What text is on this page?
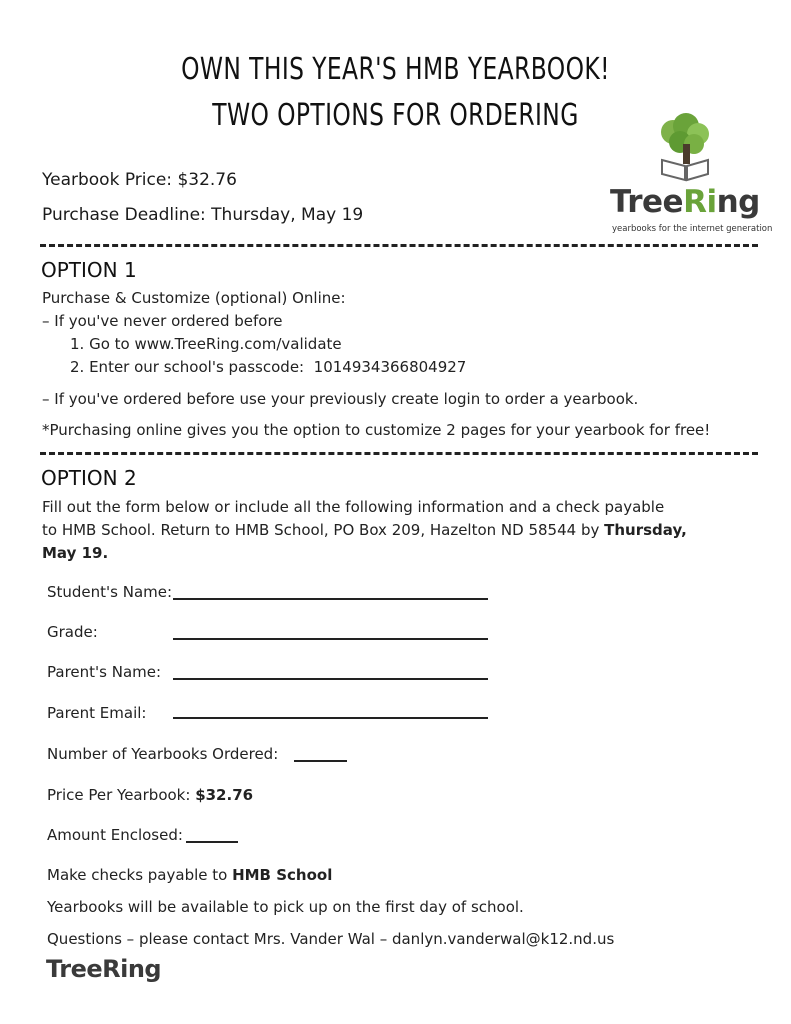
OWN THIS YEAR'S HMB YEARBOOK!
TWO OPTIONS FOR ORDERING
Yearbook Price: $32.76
Purchase Deadline: Thursday, May 19	TreeRing
yearbooks for the internet generation
OPTION 1
Purchase & Customize (optional) Online:
– If you've never ordered before
1. Go to www.TreeRing.com/validate
2. Enter our school's passcode: 1014934366804927
– If you've ordered before use your previously create login to order a yearbook.
*Purchasing online gives you the option to customize 2 pages for your yearbook for free!
OPTION 2
Fill out the form below or include all the following information and a check payable
to HMB School. Return to HMB School, PO Box 209, Hazelton ND 58544 by Thursday,
May 19.
Student's Name:
Grade:
Parent's Name:
Parent Email:
Number of Yearbooks Ordered:
Price Per Yearbook: $32.76
Amount Enclosed:
Make checks payable to HMB School
Yearbooks will be available to pick up on the first day of school.
Questions – please contact Mrs. Vander Wal – danlyn.vanderwal@k12.nd.us
TreeRing
